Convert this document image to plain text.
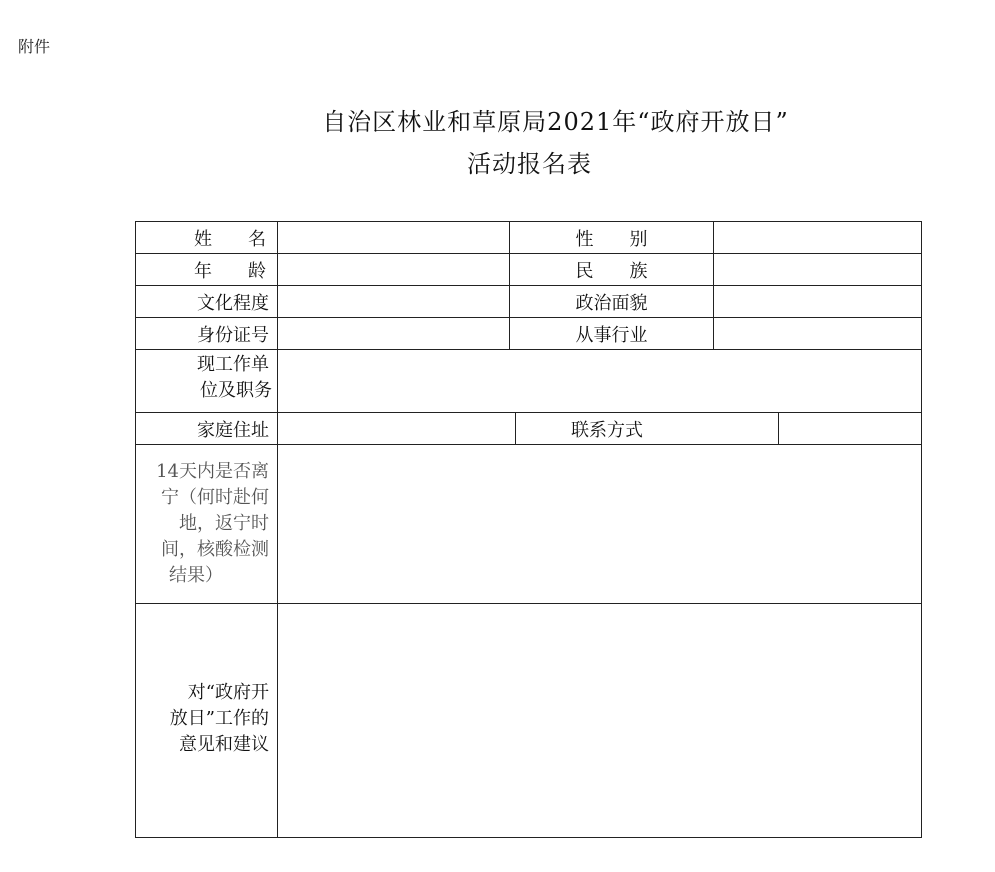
附件
自治区林业和草原局2021年“政府开放日”
活动报名表
姓　　名	性　　别
年　　龄	民　　族
文化程度	政治面貌
身份证号	从事行业
现工作单
位及职务
家庭住址	联系方式
14天内是否离
宁（何时赴何
地，返宁时
间，核酸检测
结果）
对“政府开
放日”工作的
意见和建议
